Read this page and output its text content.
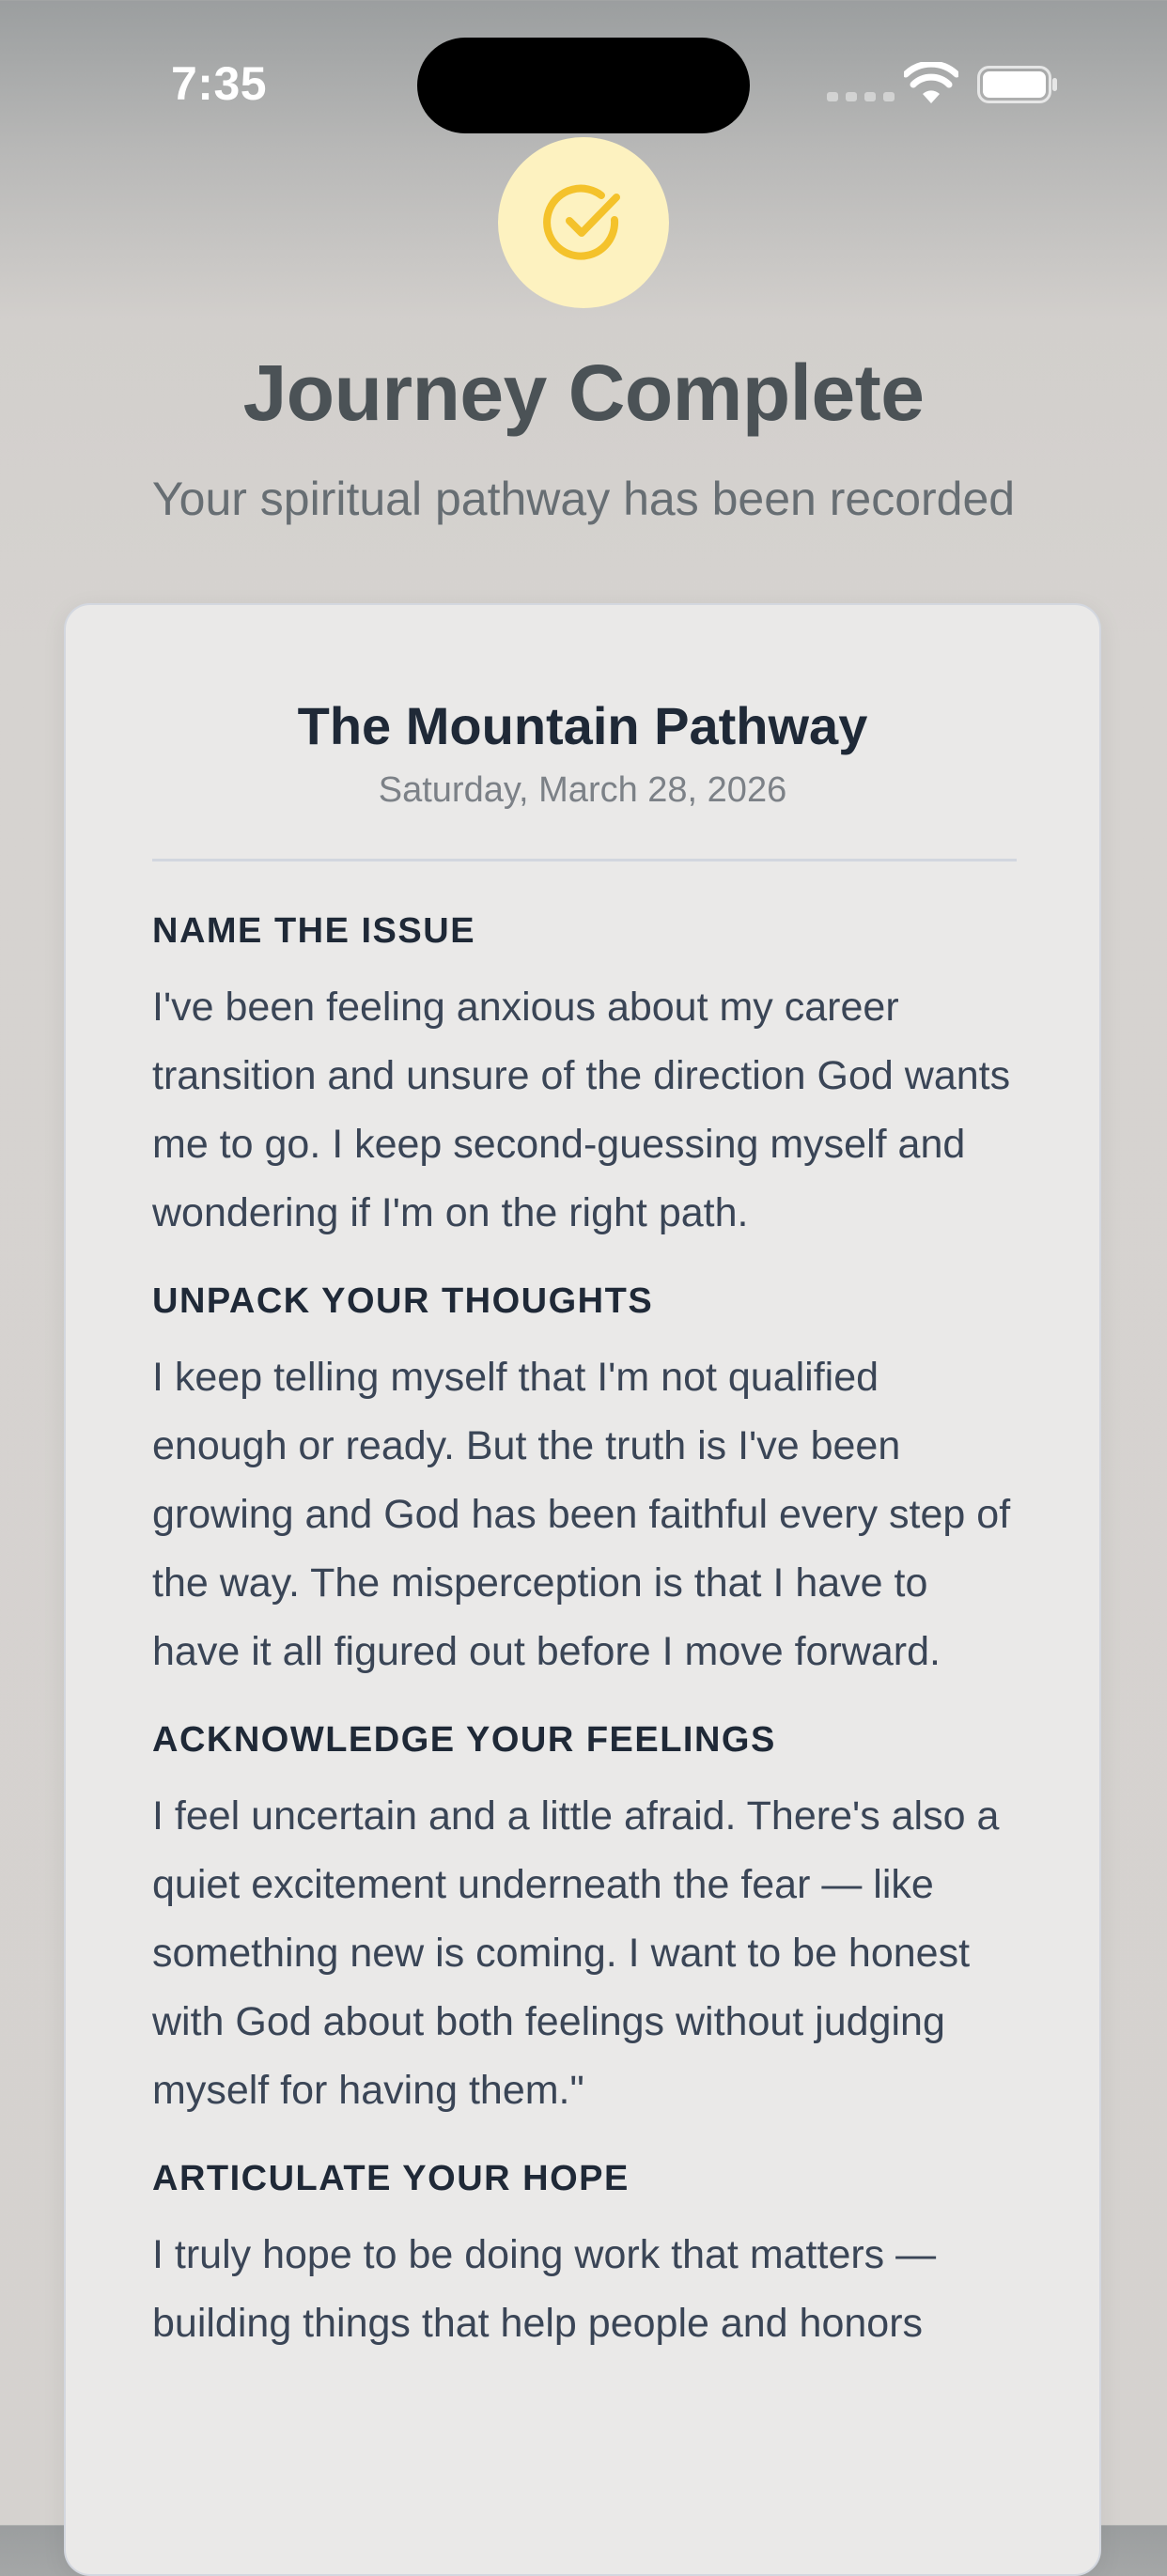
7:35
Journey Complete
Your spiritual pathway has been recorded
The Mountain Pathway
Saturday, March 28, 2026
NAME THE ISSUE

I've been feeling anxious about my career transition and unsure of the direction God wants me to go. I keep second-guessing myself and wondering if I'm on the right path.

UNPACK YOUR THOUGHTS

I keep telling myself that I'm not qualified enough or ready. But the truth is I've been growing and God has been faithful every step of the way. The misperception is that I have to have it all figured out before I move forward.

ACKNOWLEDGE YOUR FEELINGS

I feel uncertain and a little afraid. There's also a quiet excitement underneath the fear — like something new is coming. I want to be honest with God about both feelings without judging myself for having them."

ARTICULATE YOUR HOPE

I truly hope to be doing work that matters — building things that help people and honors
